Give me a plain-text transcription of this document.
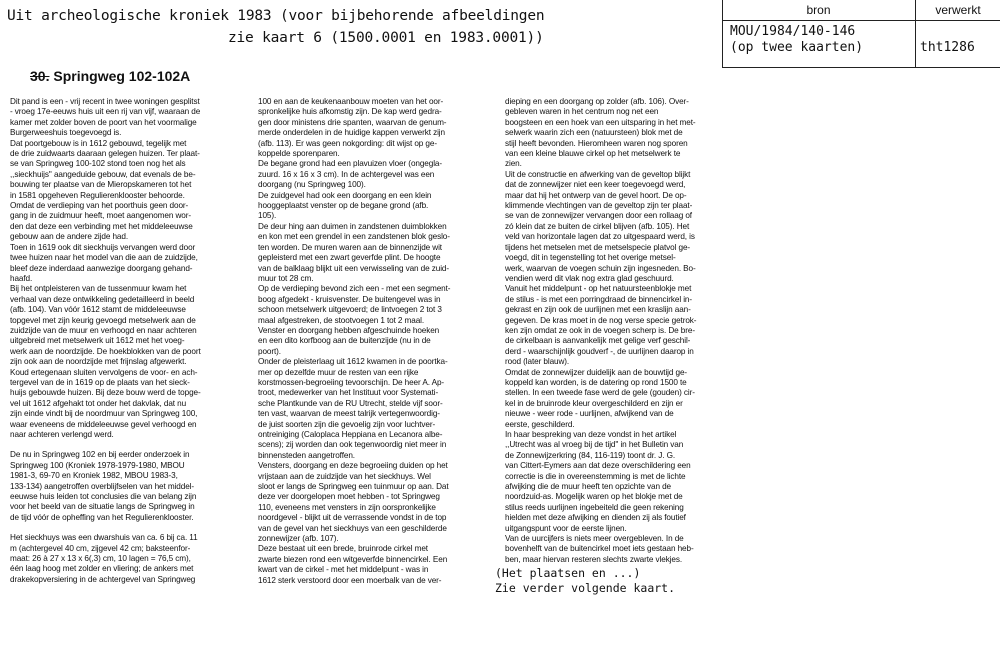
Uit archeologische kroniek 1983 (voor bijbehorende afbeeldingen
zie kaart 6 (1500.0001 en 1983.0001))
bron	verwerkt
MOU/1984/140-146
(op twee kaarten)	tht1286
30. Springweg 102-102A

Dit pand is een - vrij recent in twee woningen gesplitst

- vroeg 17e-eeuws huis uit een rij van vijf, waaraan de

kamer met zolder boven de poort van het voormalige

Burgerweeshuis toegevoegd is.

Dat poortgebouw is in 1612 gebouwd, tegelijk met

de drie zuidwaarts daaraan gelegen huizen. Ter plaat-

se van Springweg 100-102 stond toen nog het als

,,sieckhuijs'' aangeduide gebouw, dat evenals de be-

bouwing ter plaatse van de Mieropskameren tot het

in 1581 opgeheven Regulierenklooster behoorde.

Omdat de verdieping van het poorthuis geen door-

gang in de zuidmuur heeft, moet aangenomen wor-

den dat deze een verbinding met het middeleeuwse

gebouw aan de andere zijde had.

Toen in 1619 ook dit sieckhuijs vervangen werd door

twee huizen naar het model van die aan de zuidzijde,

bleef deze inderdaad aanwezige doorgang gehand-

haafd.

Bij het ontpleisteren van de tussenmuur kwam het

verhaal van deze ontwikkeling gedetailleerd in beeld

(afb. 104). Van vóór 1612 stamt de middeleeuwse

topgevel met zijn keurig gevoegd metselwerk aan de

zuidzijde van de muur en verhoogd en naar achteren

uitgebreid met metselwerk uit 1612 met het voeg-

werk aan de noordzijde. De hoekblokken van de poort

zijn ook aan de noordzijde met frijnslag afgewerkt.

Koud ertegenaan sluiten vervolgens de voor- en ach-

tergevel van de in 1619 op de plaats van het sieck-

huijs gebouwde huizen. Bij deze bouw werd de topge-

vel uit 1612 afgehakt tot onder het dakvlak, dat nu

zijn einde vindt bij de noordmuur van Springweg 100,

waar eveneens de middeleeuwse gevel verhoogd en

naar achteren verlengd werd.

De nu in Springweg 102 en bij eerder onderzoek in

Springweg 100 (Kroniek 1978-1979-1980, MBOU

1981-3, 69-70 en Kroniek 1982, MBOU 1983-3,

133-134) aangetroffen overblijfselen van het middel-

eeuwse huis leiden tot conclusies die van belang zijn

voor het beeld van de situatie langs de Springweg in

de tijd vóór de opheffing van het Regulierenklooster.

Het sieckhuys was een dwarshuis van ca. 6 bij ca. 11

m (achtergevel 40 cm, zijgevel 42 cm; baksteenfor-

maat: 26 à 27 x 13 x 6(,3) cm, 10 lagen = 76,5 cm),

één laag hoog met zolder en vliering; de ankers met

drakekopversiering in de achtergevel van Springweg

100 en aan de keukenaanbouw moeten van het oor-

spronkelijke huis afkomstig zijn. De kap werd gedra-

gen door ministens drie spanten, waarvan de genum-

merde onderdelen in de huidige kappen verwerkt zijn

(afb. 113). Er was geen nokgording: dit wijst op ge-

koppelde sporenparen.

De begane grond had een plavuizen vloer (ongegla-

zuurd. 16 x 16 x 3 cm). In de achtergevel was een

doorgang (nu Springweg 100).

De zuidgevel had ook een doorgang en een klein

hooggeplaatst venster op de begane grond (afb.

105).

De deur hing aan duimen in zandstenen duimblokken

en kon met een grendel in een zandstenen blok geslo-

ten worden. De muren waren aan de binnenzijde wit

gepleisterd met een zwart geverfde plint. De hoogte

van de balklaag blijkt uit een verwisseling van de zuid-

muur tot 28 cm.

Op de verdieping bevond zich een - met een segment-

boog afgedekt - kruisvenster. De buitengevel was in

schoon metselwerk uitgevoerd; de lintvoegen 2 tot 3

maal afgestreken, de stootvoegen 1 tot 2 maal.

Venster en doorgang hebben afgeschuinde hoeken

en een dito korfboog aan de buitenzijde (nu in de

poort).

Onder de pleisterlaag uit 1612 kwamen in de poortka-

mer op dezelfde muur de resten van een rijke

korstmossen-begroeiing tevoorschijn. De heer A. Ap-

troot, medewerker van het Instituut voor Systemati-

sche Plantkunde van de RU Utrecht, stelde vijf soor-

ten vast, waarvan de meest talrijk vertegenwoordig-

de juist soorten zijn die gevoelig zijn voor luchtver-

ontreiniging (Caloplaca Heppiana en Lecanora albe-

scens); zij worden dan ook tegenwoordig niet meer in

binnensteden aangetroffen.

Vensters, doorgang en deze begroeiing duiden op het

vrijstaan aan de zuidzijde van het sieckhuys. Wel

sloot er langs de Springweg een tuinmuur op aan. Dat

deze ver doorgelopen moet hebben - tot Springweg

110, eveneens met vensters in zijn oorspronkelijke

noordgevel - blijkt uit de verrassende vondst in de top

van de gevel van het sieckhuys van een geschilderde

zonnewijzer (afb. 107).

Deze bestaat uit een brede, bruinrode cirkel met

zwarte biezen rond een witgeverfde binnencirkel. Een

kwart van de cirkel - met het middelpunt - was in

1612 sterk verstoord door een moerbalk van de ver-

dieping en een doorgang op zolder (afb. 106). Over-

gebleven waren in het centrum nog net een

boogsteen en een hoek van een uitsparing in het met-

selwerk waarin zich een (natuursteen) blok met de

stijl heeft bevonden. Hieromheen waren nog sporen

van een kleine blauwe cirkel op het metselwerk te

zien.

Uit de constructie en afwerking van de geveltop blijkt

dat de zonnewijzer niet een keer toegevoegd werd,

maar dat hij het ontwerp van de gevel hoort. De op-

klimmende vlechtingen van de geveltop zijn ter plaat-

se van de zonnewijzer vervangen door een rollaag of

zó klein dat ze buiten de cirkel blijven (afb. 105). Het

veld van horizontale lagen dat zo uitgespaard werd, is

tijdens het metselen met de metselspecie platvol ge-

voegd, dit in tegenstelling tot het overige metsel-

werk, waarvan de voegen schuin zijn ingesneden. Bo-

vendien werd dit vlak nog extra glad geschuurd.

Vanuit het middelpunt - op het natuursteenblokje met

de stilus - is met een porringdraad de binnencirkel in-

gekrast en zijn ook de uurlijnen met een kraslijn aan-

gegeven. De kras moet in de nog verse specie getrok-

ken zijn omdat ze ook in de voegen scherp is. De bre-

de cirkelbaan is aanvankelijk met gelige verf geschil-

derd - waarschijnlijk goudverf -, de uurlijnen daarop in

rood (later blauw).

Omdat de zonnewijzer duidelijk aan de bouwtijd ge-

koppeld kan worden, is de datering op rond 1500 te

stellen. In een tweede fase werd de gele (gouden) cir-

kel in de bruinrode kleur overgeschilderd en zijn er

nieuwe - weer rode - uurlijnen, afwijkend van de

eerste, geschilderd.

In haar bespreking van deze vondst in het artikel

,,Utrecht was al vroeg bij de tijd'' in het Bulletin van

de Zonnewijzerkring (84, 116-119) toont dr. J. G.

van Cittert-Eymers aan dat deze overschildering een

correctie is die in overeenstemming is met de lichte

afwijking die de muur heeft ten opzichte van de

noordzuid-as. Mogelijk waren op het blokje met de

stilus reeds uurlijnen ingebeiteld die geen rekening

hielden met deze afwijking en dienden zij als foutief

uitgangspunt voor de eerste lijnen.

Van de uurcijfers is niets meer overgebleven. In de

bovenhelft van de buitencirkel moet iets gestaan heb-

ben, maar hiervan resteren slechts zwarte vlekjes.

(Het plaatsen en ...)
Zie verder volgende kaart.
